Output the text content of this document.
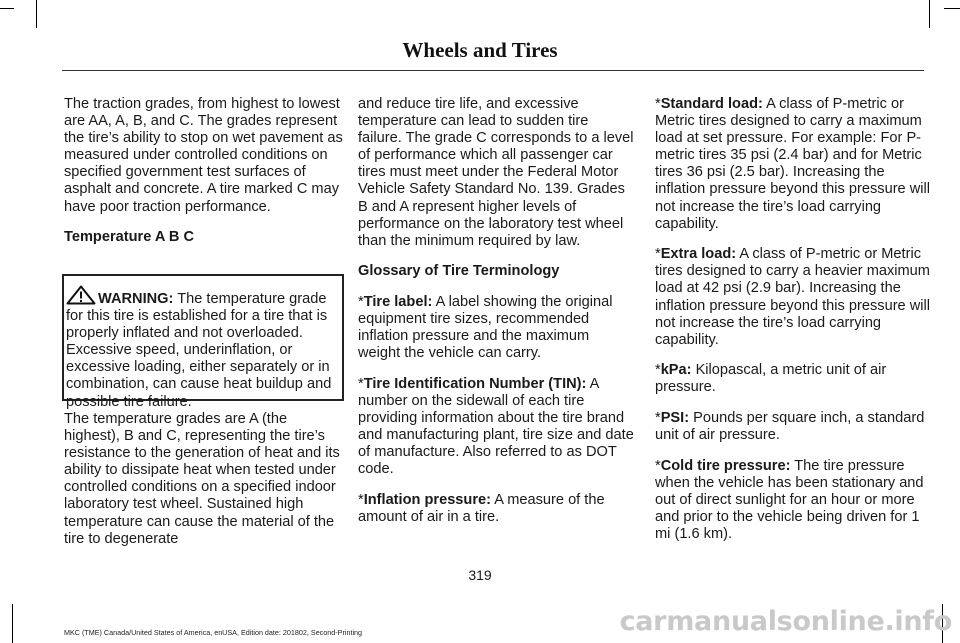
Wheels and Tires

The traction grades, from highest to lowest are AA, A, B, and C. The grades represent the tire’s ability to stop on wet pavement as measured under controlled conditions on specified government test surfaces of asphalt and concrete. A tire marked C may have poor traction performance.

Temperature A B C

WARNING: The temperature grade for this tire is established for a tire that is properly inflated and not overloaded. Excessive speed, underinflation, or excessive loading, either separately or in combination, can cause heat buildup and possible tire failure.
The temperature grades are A (the highest), B and C, representing the tire’s resistance to the generation of heat and its ability to dissipate heat when tested under controlled conditions on a specified indoor laboratory test wheel. Sustained high temperature can cause the material of the tire to degenerate

and reduce tire life, and excessive temperature can lead to sudden tire failure. The grade C corresponds to a level of performance which all passenger car tires must meet under the Federal Motor Vehicle Safety Standard No. 139. Grades B and A represent higher levels of performance on the laboratory test wheel than the minimum required by law.

Glossary of Tire Terminology

*Tire label: A label showing the original equipment tire sizes, recommended inflation pressure and the maximum weight the vehicle can carry.

*Tire Identification Number (TIN): A number on the sidewall of each tire providing information about the tire brand and manufacturing plant, tire size and date of manufacture. Also referred to as DOT code.

*Inflation pressure: A measure of the amount of air in a tire.

*Standard load: A class of P-metric or Metric tires designed to carry a maximum load at set pressure. For example: For P-metric tires 35 psi (2.4 bar) and for Metric tires 36 psi (2.5 bar). Increasing the inflation pressure beyond this pressure will not increase the tire’s load carrying capability.

*Extra load: A class of P-metric or Metric tires designed to carry a heavier maximum load at 42 psi (2.9 bar). Increasing the inflation pressure beyond this pressure will not increase the tire’s load carrying capability.

*kPa: Kilopascal, a metric unit of air pressure.

*PSI: Pounds per square inch, a standard unit of air pressure.

*Cold tire pressure: The tire pressure when the vehicle has been stationary and out of direct sunlight for an hour or more and prior to the vehicle being driven for 1 mi (1.6 km).

319
MKC (TME) Canada/United States of America, enUSA, Edition date: 201802, Second-Printing	carmanualsonline.info
